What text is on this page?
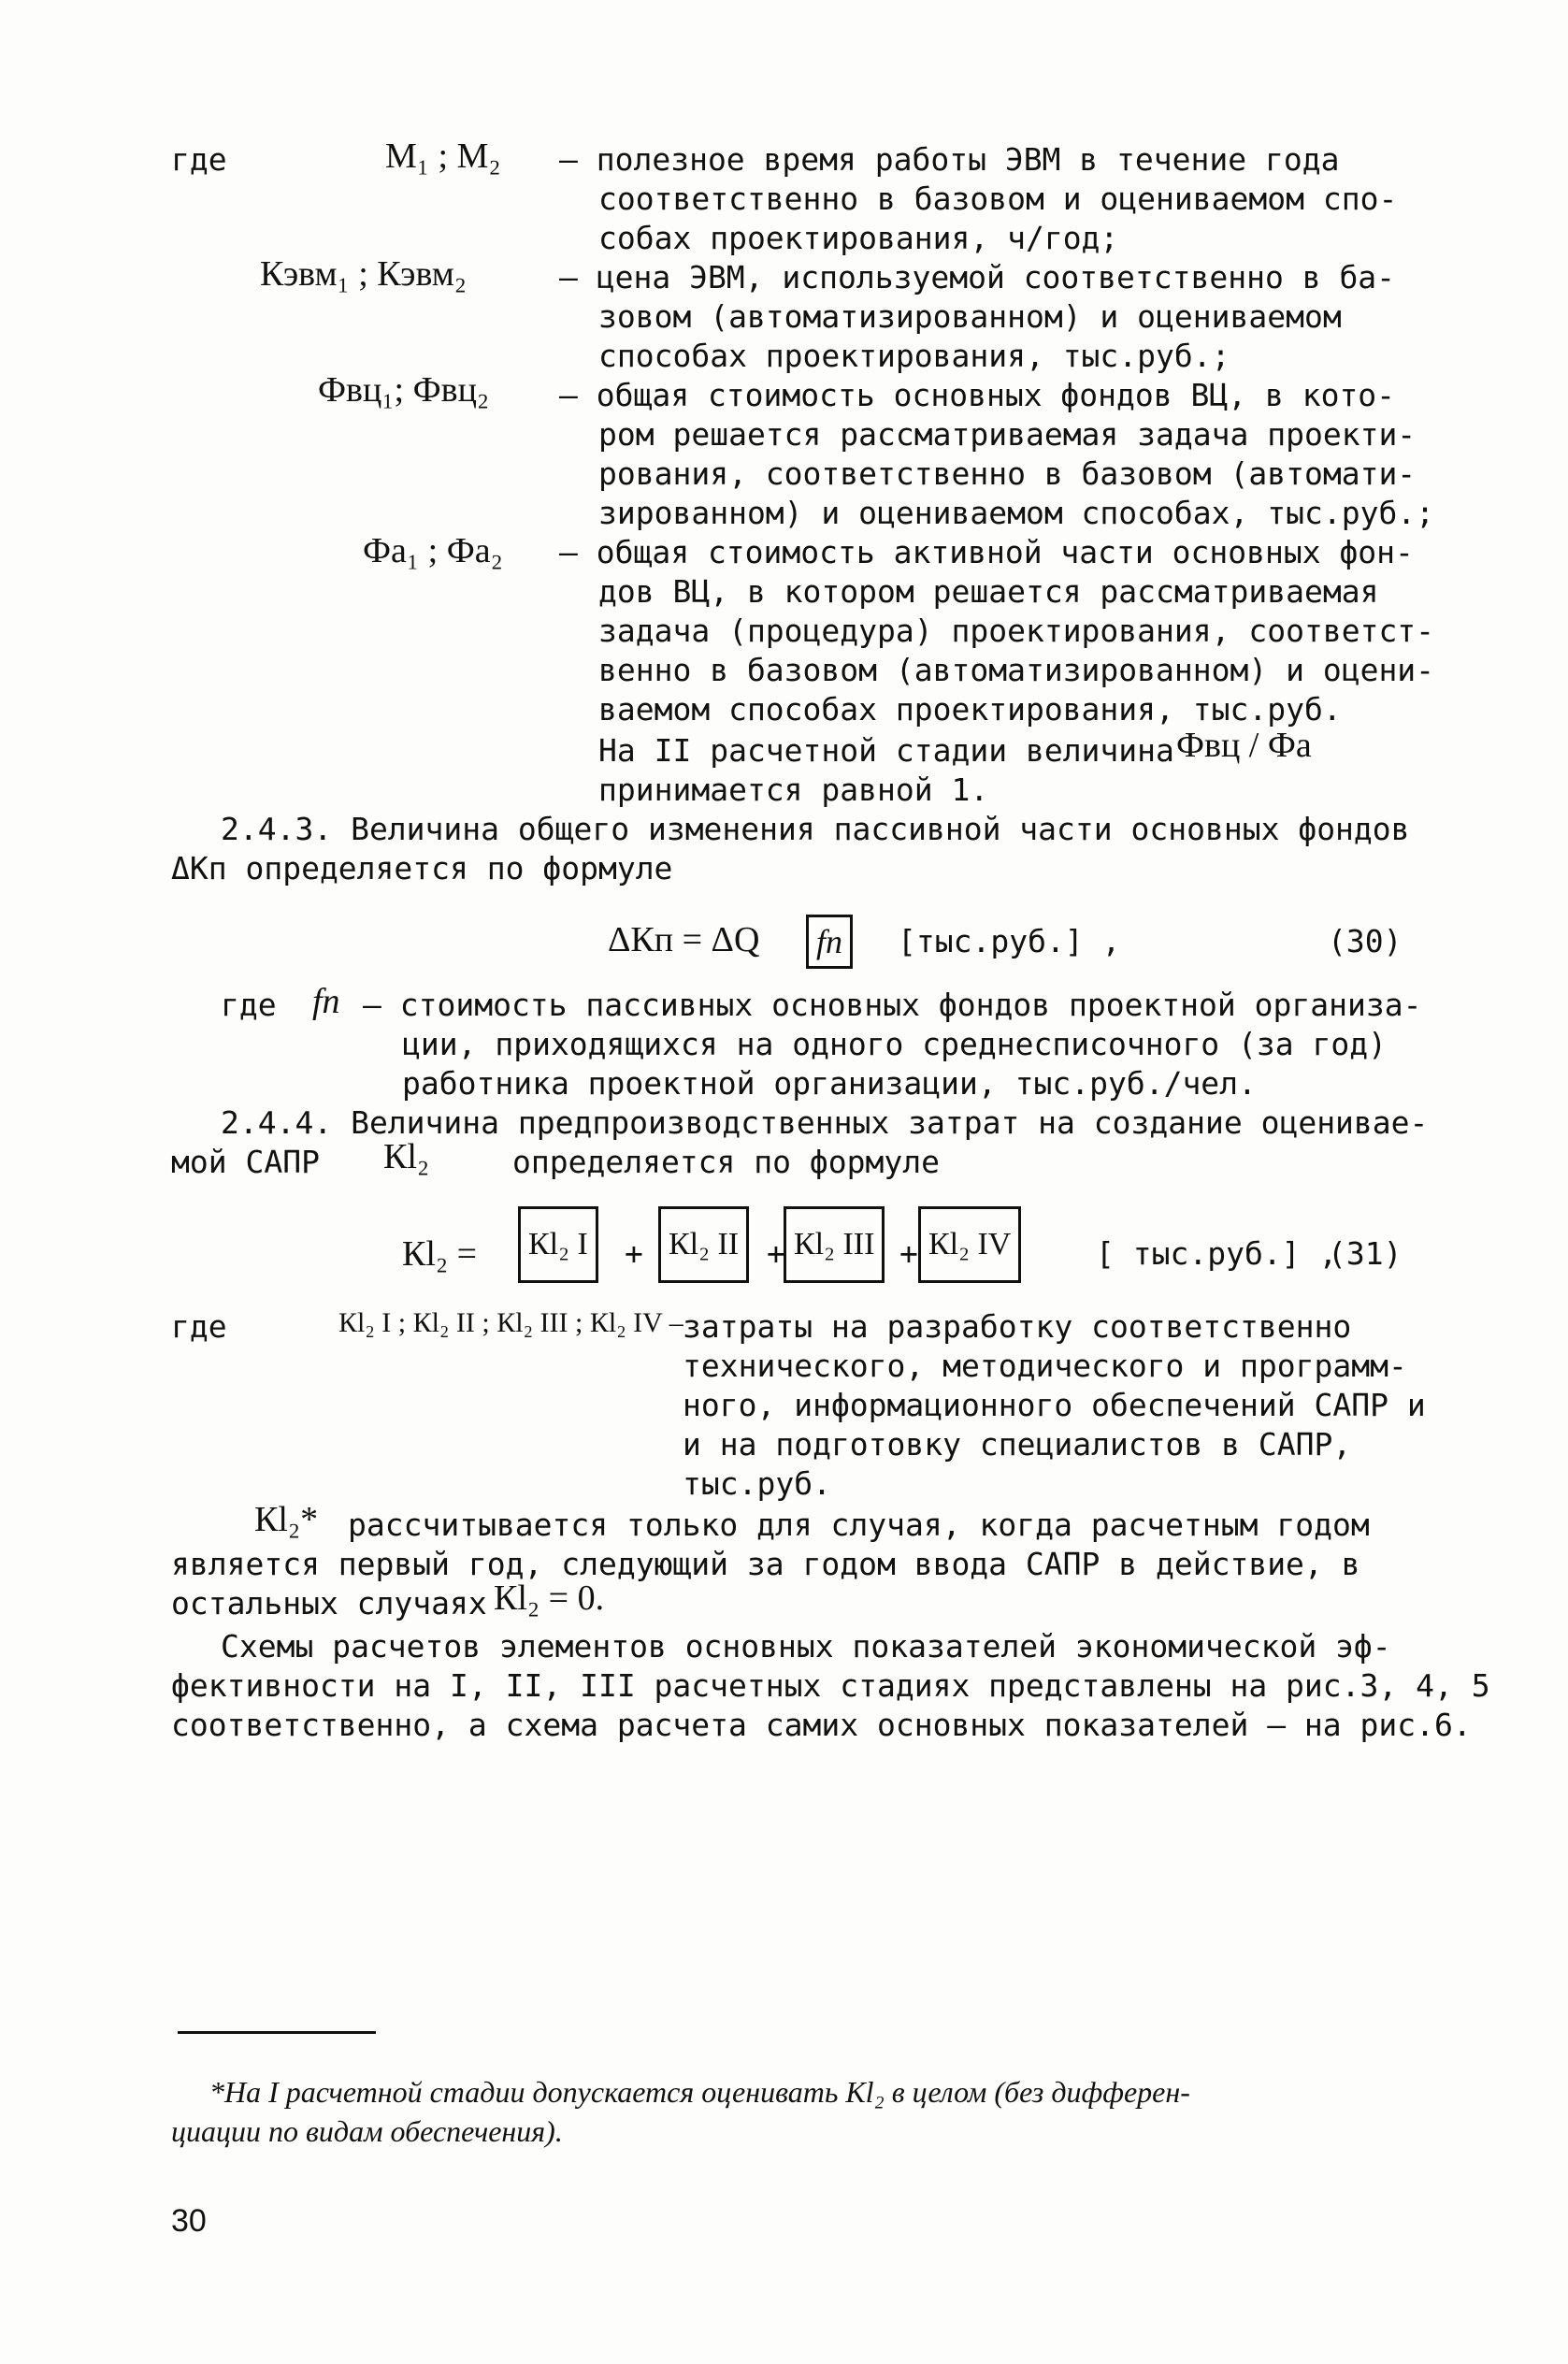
где	М₁ ; М₂ – полезное время работы ЭВМ в течение года
соответственно в базовом и оцениваемом спо-
собах проектирования, ч/год;
Кэвм₁ ; Кэвм₂	– цена ЭВМ, используемой соответственно в ба-
зовом (автоматизированном) и оцениваемом
способах проектирования, тыс.руб.;
Фвц₁; Фвц₂ – общая стоимость основных фондов ВЦ, в кото-
ром решается рассматриваемая задача проекти-
рования, соответственно в базовом (автомати-
зированном) и оцениваемом способах, тыс.руб.;
Фа₁ ; Фа₂ – общая стоимость активной части основных фон-
дов ВЦ, в котором решается рассматриваемая
задача (процедура) проектирования, соответст-
венно в базовом (автоматизированном) и оцени-
ваемом способах проектирования, тыс.руб.
На II расчетной стадии величина Фвц / Фа
принимается равной 1.
2.4.3. Величина общего изменения пассивной части основных фондов
ΔКп определяется по формуле
ΔКп = ΔQ	fп	[тыс.руб.] ,	(30)
где fп – стоимость пассивных основных фондов проектной организа-
ции, приходящихся на одного среднесписочного (за год)
работника проектной организации, тыс.руб./чел.
2.4.4. Величина предпроизводственных затрат на создание оценивае-
мой САПР Кl₂	определяется по формуле
Кl₂ =	Кl₂ I	+ Кl₂ II + Кl₂ III + Кl₂ IV	[ тыс.руб.] ,
(31)
где	Кl₂ I ; Кl₂ II ; Кl₂ III ; Кl₂ IV – затраты на разработку соответственно
технического, методического и программ-
ного, информационного обеспечений САПР и
и на подготовку специалистов в САПР,
тыс.руб.
Кl₂* рассчитывается только для случая, когда расчетным годом
является первый год, следующий за годом ввода САПР в действие, в
остальных случаях Кl₂ = 0.
Схемы расчетов элементов основных показателей экономической эф-
фективности на I, II, III расчетных стадиях представлены на рис.3, 4, 5
соответственно, а схема расчета самих основных показателей – на рис.6.
*На I расчетной стадии допускается оценивать Кl₂ в целом (без дифферен-
циации по видам обеспечения).
30
